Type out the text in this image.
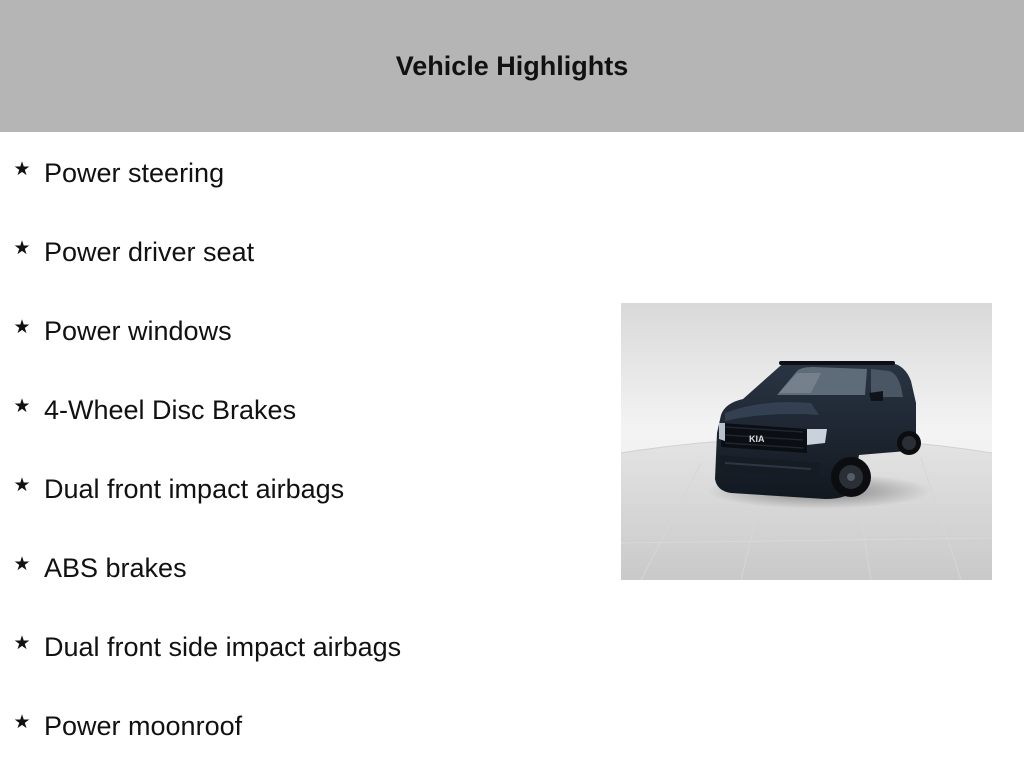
Vehicle Highlights
★ Power steering
★ Power driver seat
★ Power windows
★ 4-Wheel Disc Brakes
★ Dual front impact airbags
★ ABS brakes
★ Dual front side impact airbags
★ Power moonroof
KIA
